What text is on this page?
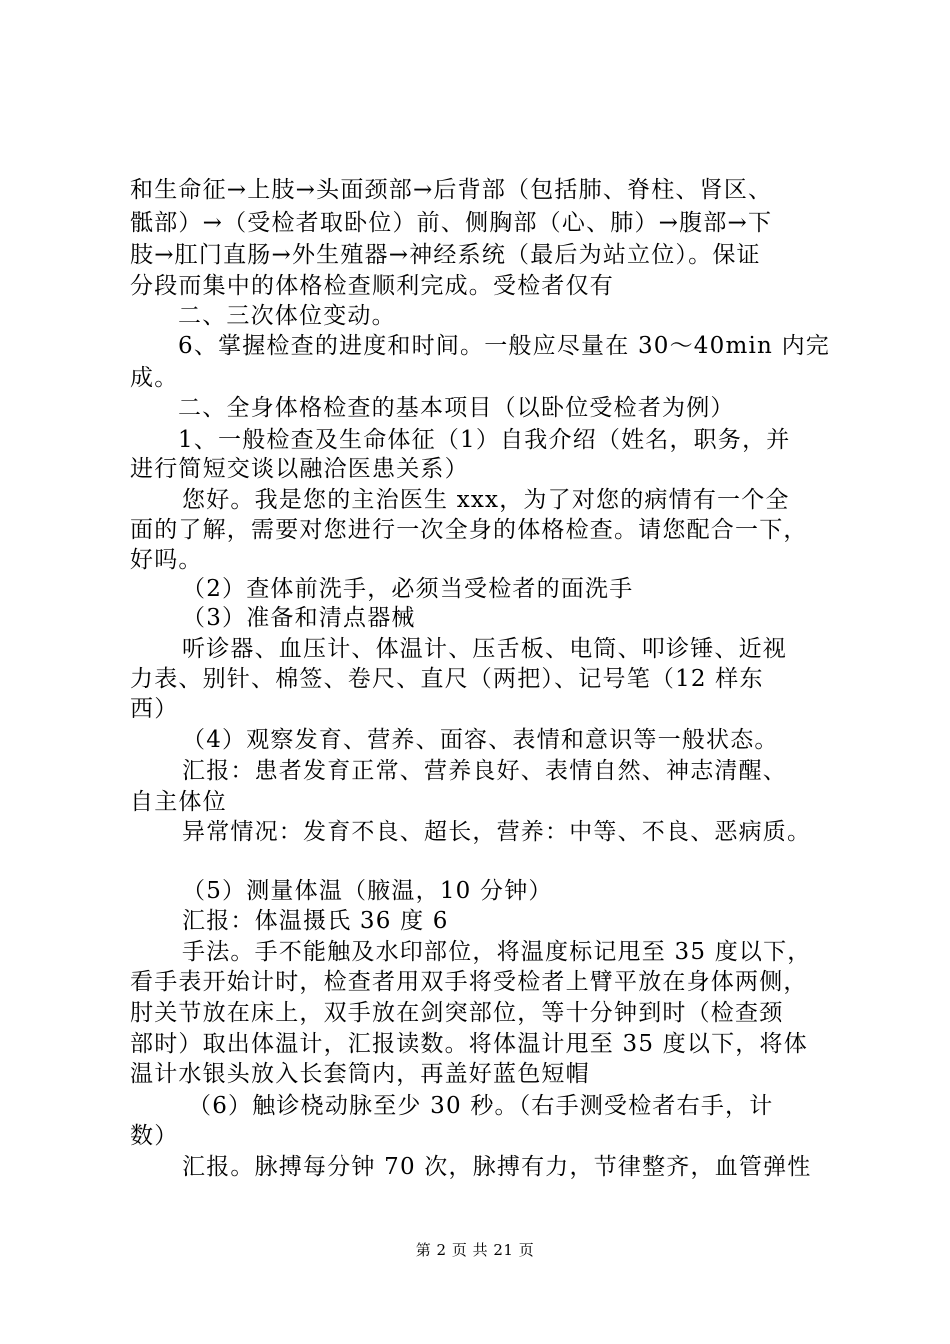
和生命征→上肢→头面颈部→后背部（包括肺、脊柱、肾区、
骶部）→（受检者取卧位）前、侧胸部（心、肺）→腹部→下
肢→肛门直肠→外生殖器→神经系统（最后为站立位）。保证
分段而集中的体格检查顺利完成。受检者仅有
二、三次体位变动。
6、掌握检查的进度和时间。一般应尽量在 30～40min 内完
成。
二、全身体格检查的基本项目（以卧位受检者为例）
1、一般检查及生命体征（1）自我介绍（姓名，职务，并
进行简短交谈以融洽医患关系）
您好。我是您的主治医生 xxx，为了对您的病情有一个全
面的了解，需要对您进行一次全身的体格检查。请您配合一下，
好吗。
（2）查体前洗手，必须当受检者的面洗手
（3）准备和清点器械
听诊器、血压计、体温计、压舌板、电筒、叩诊锤、近视
力表、别针、棉签、卷尺、直尺（两把）、记号笔（12 样东
西）
（4）观察发育、营养、面容、表情和意识等一般状态。
汇报：患者发育正常、营养良好、表情自然、神志清醒、
自主体位
异常情况：发育不良、超长，营养：中等、不良、恶病质。
（5）测量体温（腋温，10 分钟）
汇报：体温摄氏 36 度 6
手法。手不能触及水印部位，将温度标记甩至 35 度以下，
看手表开始计时，检查者用双手将受检者上臂平放在身体两侧，
肘关节放在床上，双手放在剑突部位，等十分钟到时（检查颈
部时）取出体温计，汇报读数。将体温计甩至 35 度以下，将体
温计水银头放入长套筒内，再盖好蓝色短帽
（6）触诊桡动脉至少 30 秒。（右手测受检者右手，计
数）
汇报。脉搏每分钟 70 次，脉搏有力，节律整齐，血管弹性
第 2 页 共 21 页
